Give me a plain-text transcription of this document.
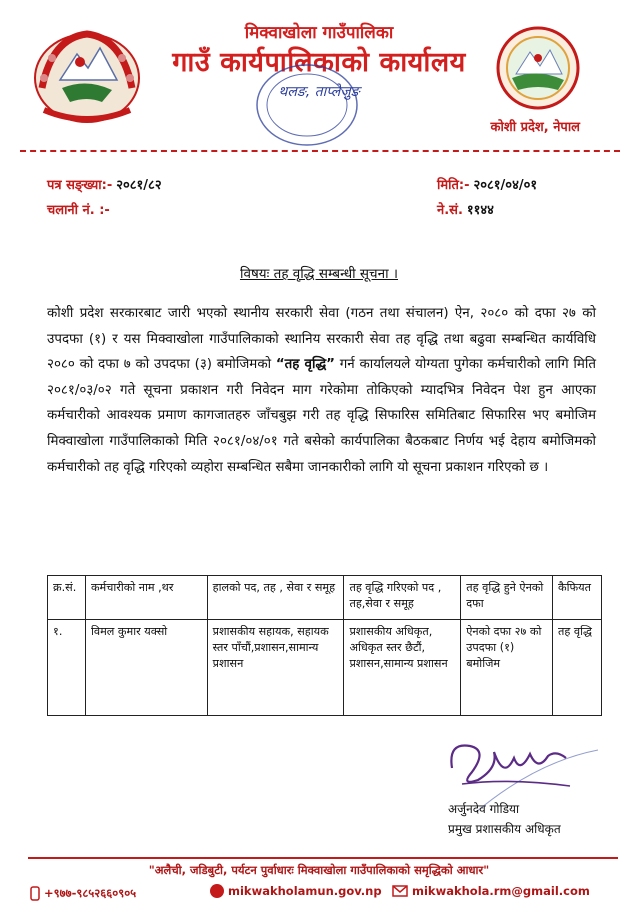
मिक्वाखोला गाउँपालिका
गाउँ कार्यपालिकाको कार्यालय
थलङ, ताप्लेजुङ
कोशी प्रदेश, नेपाल
पत्र सङ्ख्या:- २०८१/८२
चलानी नं. :-
मिति:- २०८१/०४/०१
ने.सं. ११४४
विषयः तह वृद्धि सम्बन्धी सूचना ।

कोशी प्रदेश सरकारबाट जारी भएको स्थानीय सरकारी सेवा (गठन तथा संचालन) ऐन, २०८० को दफा २७ को उपदफा (१) र यस मिक्वाखोला गाउँपालिकाको स्थानिय सरकारी सेवा तह वृद्धि तथा बढुवा सम्बन्धित कार्यविधि २०८० को दफा ७ को उपदफा (३) बमोजिमको “तह वृद्धि” गर्न कार्यालयले योग्यता पुगेका कर्मचारीको लागि मिति २०८१/०३/०२ गते सूचना प्रकाशन गरी निवेदन माग गरेकोमा तोकिएको म्यादभित्र निवेदन पेश हुन आएका कर्मचारीको आवश्यक प्रमाण कागजातहरु जाँचबुझ गरी तह वृद्धि सिफारिस समितिबाट सिफारिस भए बमोजिम मिक्वाखोला गाउँपालिकाको मिति २०८१/०४/०१ गते बसेको कार्यपालिका बैठकबाट निर्णय भई देहाय बमोजिमको कर्मचारीको तह वृद्धि गरिएको व्यहोरा सम्बन्धित सबैमा जानकारीको लागि यो सूचना प्रकाशन गरिएको छ ।

क्र.सं.	कर्मचारीको नाम ,थर	हालको पद, तह , सेवा र समूह	तह वृद्धि गरिएको पद , तह,सेवा र समूह	तह वृद्धि हुने ऐनको दफा	कैफियत
१.	विमल कुमार यक्सो	प्रशासकीय सहायक, सहायक स्तर पाँचौं,प्रशासन,सामान्य प्रशासन	प्रशासकीय अधिकृत, अधिकृत स्तर छैटौं, प्रशासन,सामान्य प्रशासन	ऐनको दफा २७ को उपदफा (१) बमोजिम	तह वृद्धि
अर्जुनदेव गोडिया
प्रमुख प्रशासकीय अधिकृत
"अलैची, जडिबुटी, पर्यटन पुर्वाधारः मिक्वाखोला गाउँपालिकाको समृद्धिको आधार"
+९७७-९८५२६६०९०५	mikwakholamun.gov.np	mikwakhola.rm@gmail.com
